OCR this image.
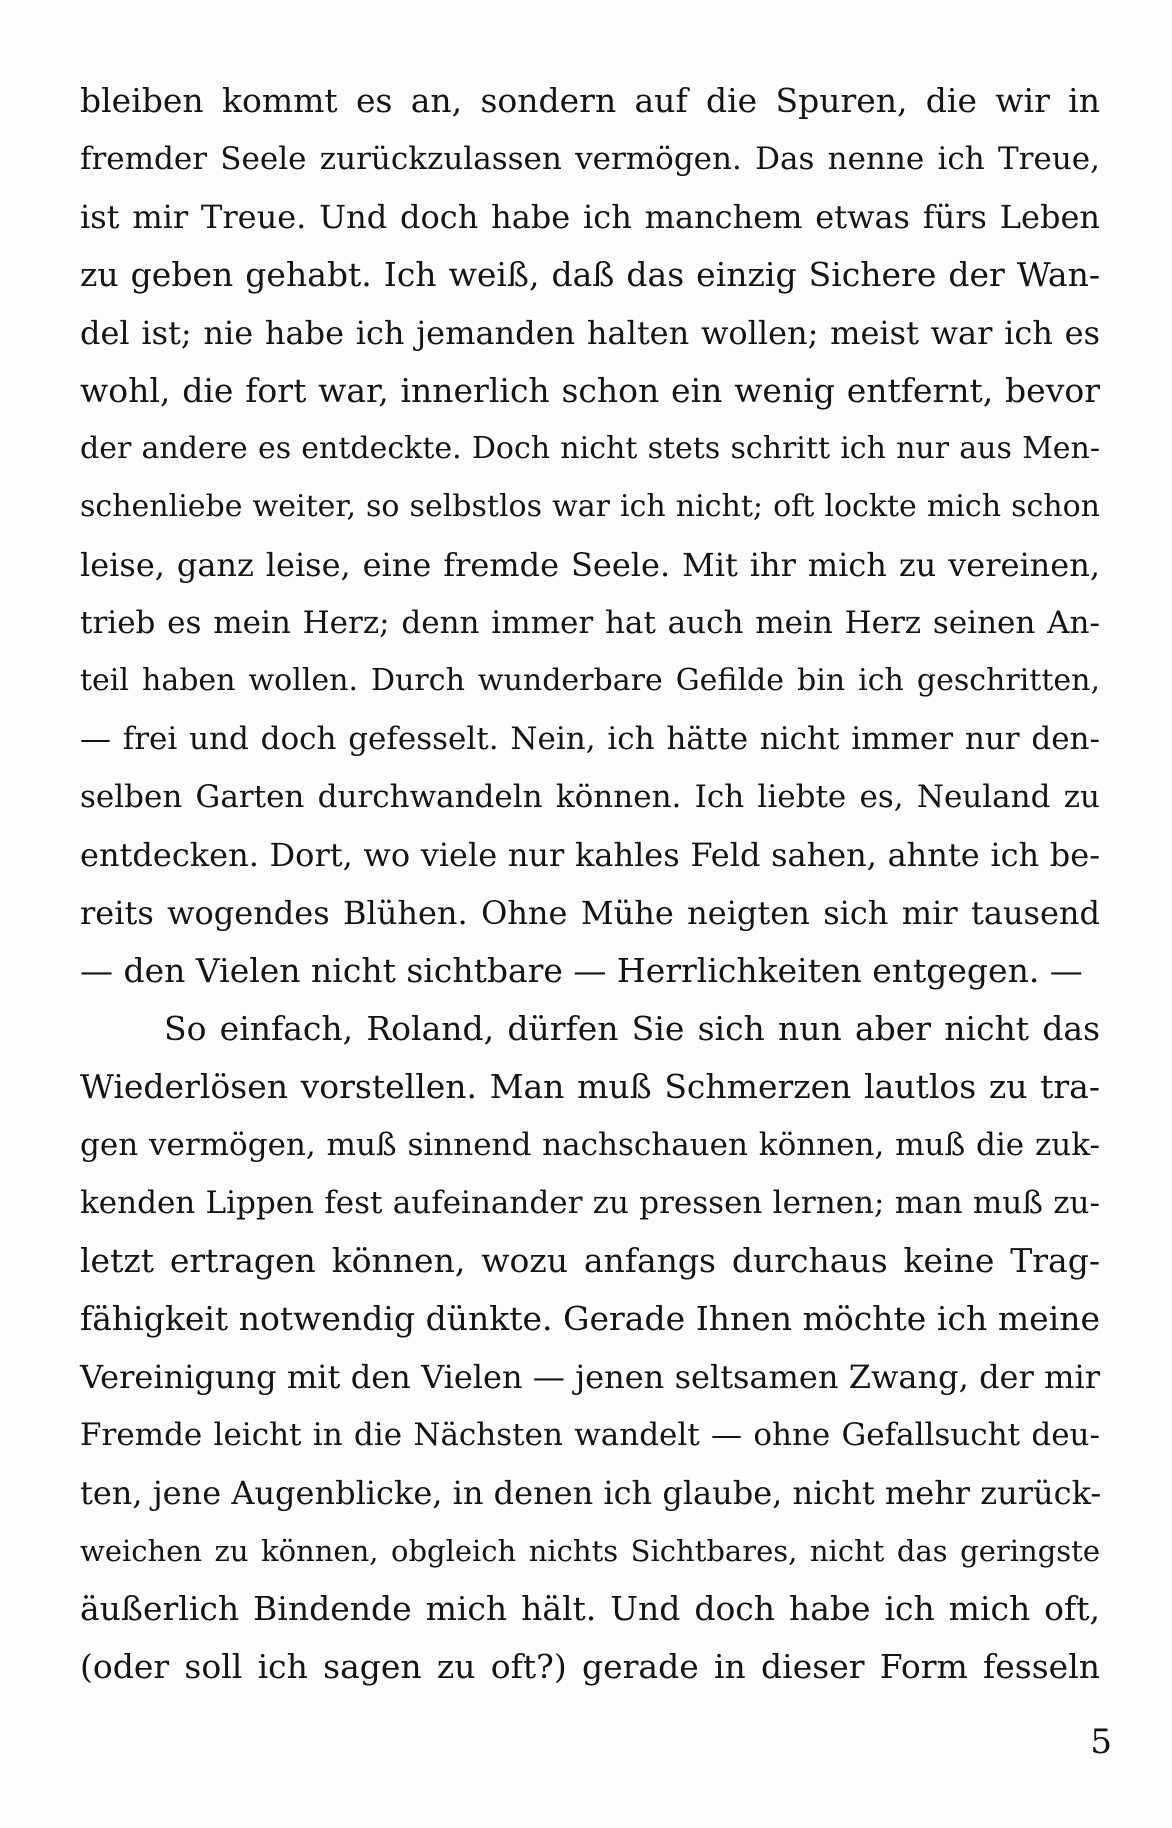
bleiben kommt es an, sondern auf die Spuren, die wir in
fremder Seele zurückzulassen vermögen. Das nenne ich Treue,
ist mir Treue. Und doch habe ich manchem etwas fürs Leben
zu geben gehabt. Ich weiß, daß das einzig Sichere der Wan-
del ist; nie habe ich jemanden halten wollen; meist war ich es
wohl, die fort war, innerlich schon ein wenig entfernt, bevor
der andere es entdeckte. Doch nicht stets schritt ich nur aus Men-
schenliebe weiter, so selbstlos war ich nicht; oft lockte mich schon
leise, ganz leise, eine fremde Seele. Mit ihr mich zu vereinen,
trieb es mein Herz; denn immer hat auch mein Herz seinen An-
teil haben wollen. Durch wunderbare Gefilde bin ich geschritten,
— frei und doch gefesselt. Nein, ich hätte nicht immer nur den-
selben Garten durchwandeln können. Ich liebte es, Neuland zu
entdecken. Dort, wo viele nur kahles Feld sahen, ahnte ich be-
reits wogendes Blühen. Ohne Mühe neigten sich mir tausend
— den Vielen nicht sichtbare — Herrlichkeiten entgegen. —
So einfach, Roland, dürfen Sie sich nun aber nicht das
Wiederlösen vorstellen. Man muß Schmerzen lautlos zu tra-
gen vermögen, muß sinnend nachschauen können, muß die zuk-
kenden Lippen fest aufeinander zu pressen lernen; man muß zu-
letzt ertragen können, wozu anfangs durchaus keine Trag-
fähigkeit notwendig dünkte. Gerade Ihnen möchte ich meine
Vereinigung mit den Vielen — jenen seltsamen Zwang, der mir
Fremde leicht in die Nächsten wandelt — ohne Gefallsucht deu-
ten, jene Augenblicke, in denen ich glaube, nicht mehr zurück-
weichen zu können, obgleich nichts Sichtbares, nicht das geringste
äußerlich Bindende mich hält. Und doch habe ich mich oft,
(oder soll ich sagen zu oft?) gerade in dieser Form fesseln
5
